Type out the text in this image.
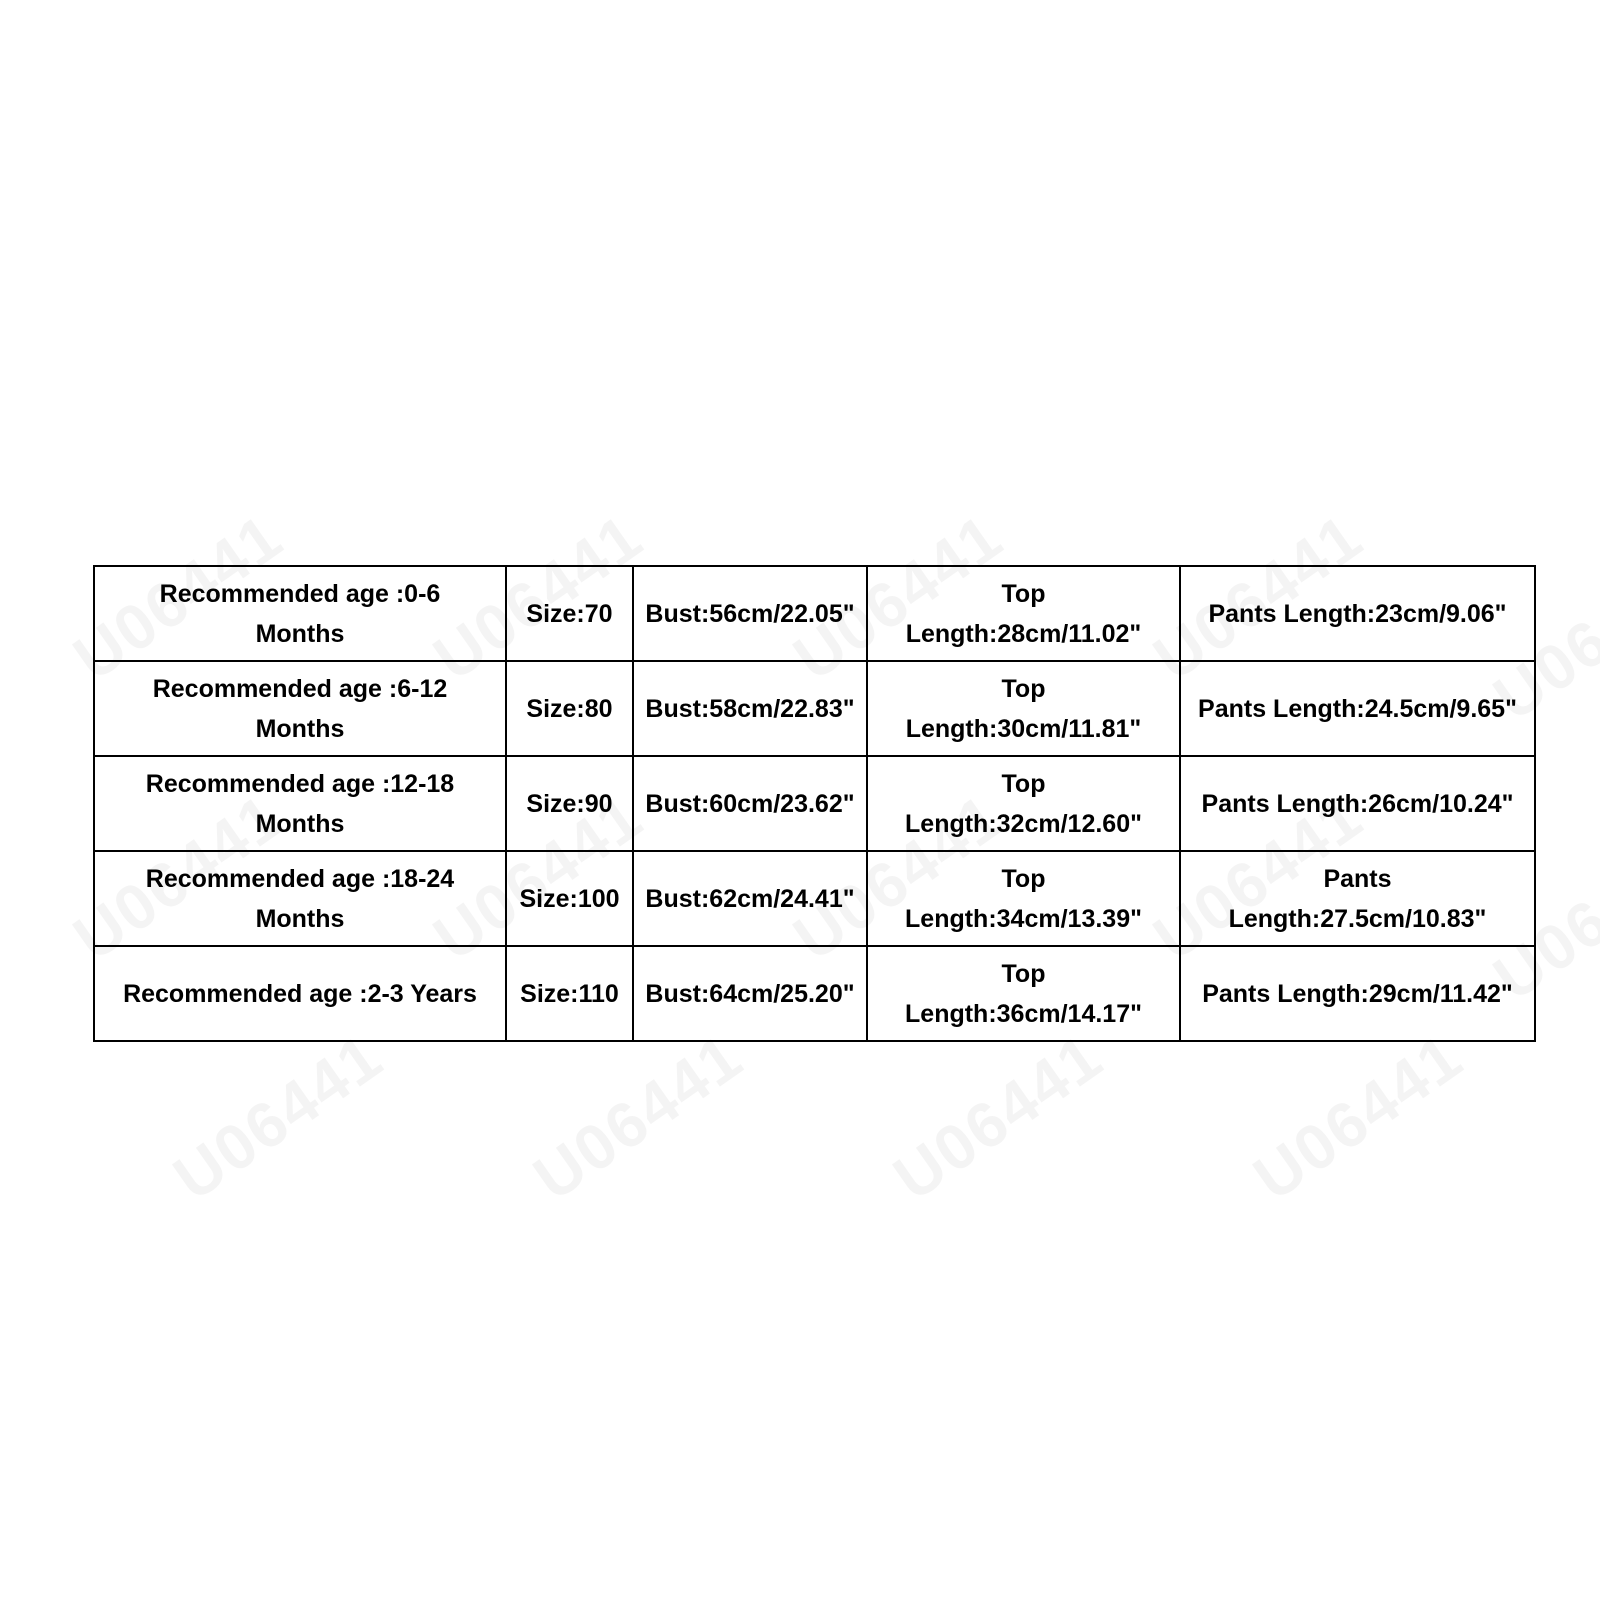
Recommended age :0-6 Months	Size:70	Bust:56cm/22.05"	Top Length:28cm/11.02"	Pants Length:23cm/9.06"
Recommended age :6-12 Months	Size:80	Bust:58cm/22.83"	Top Length:30cm/11.81"	Pants Length:24.5cm/9.65"
Recommended age :12-18 Months	Size:90	Bust:60cm/23.62"	Top Length:32cm/12.60"	Pants Length:26cm/10.24"
Recommended age :18-24 Months	Size:100	Bust:62cm/24.41"	Top Length:34cm/13.39"	Pants Length:27.5cm/10.83"
Recommended age :2-3 Years	Size:110	Bust:64cm/25.20"	Top Length:36cm/14.17"	Pants Length:29cm/11.42"
